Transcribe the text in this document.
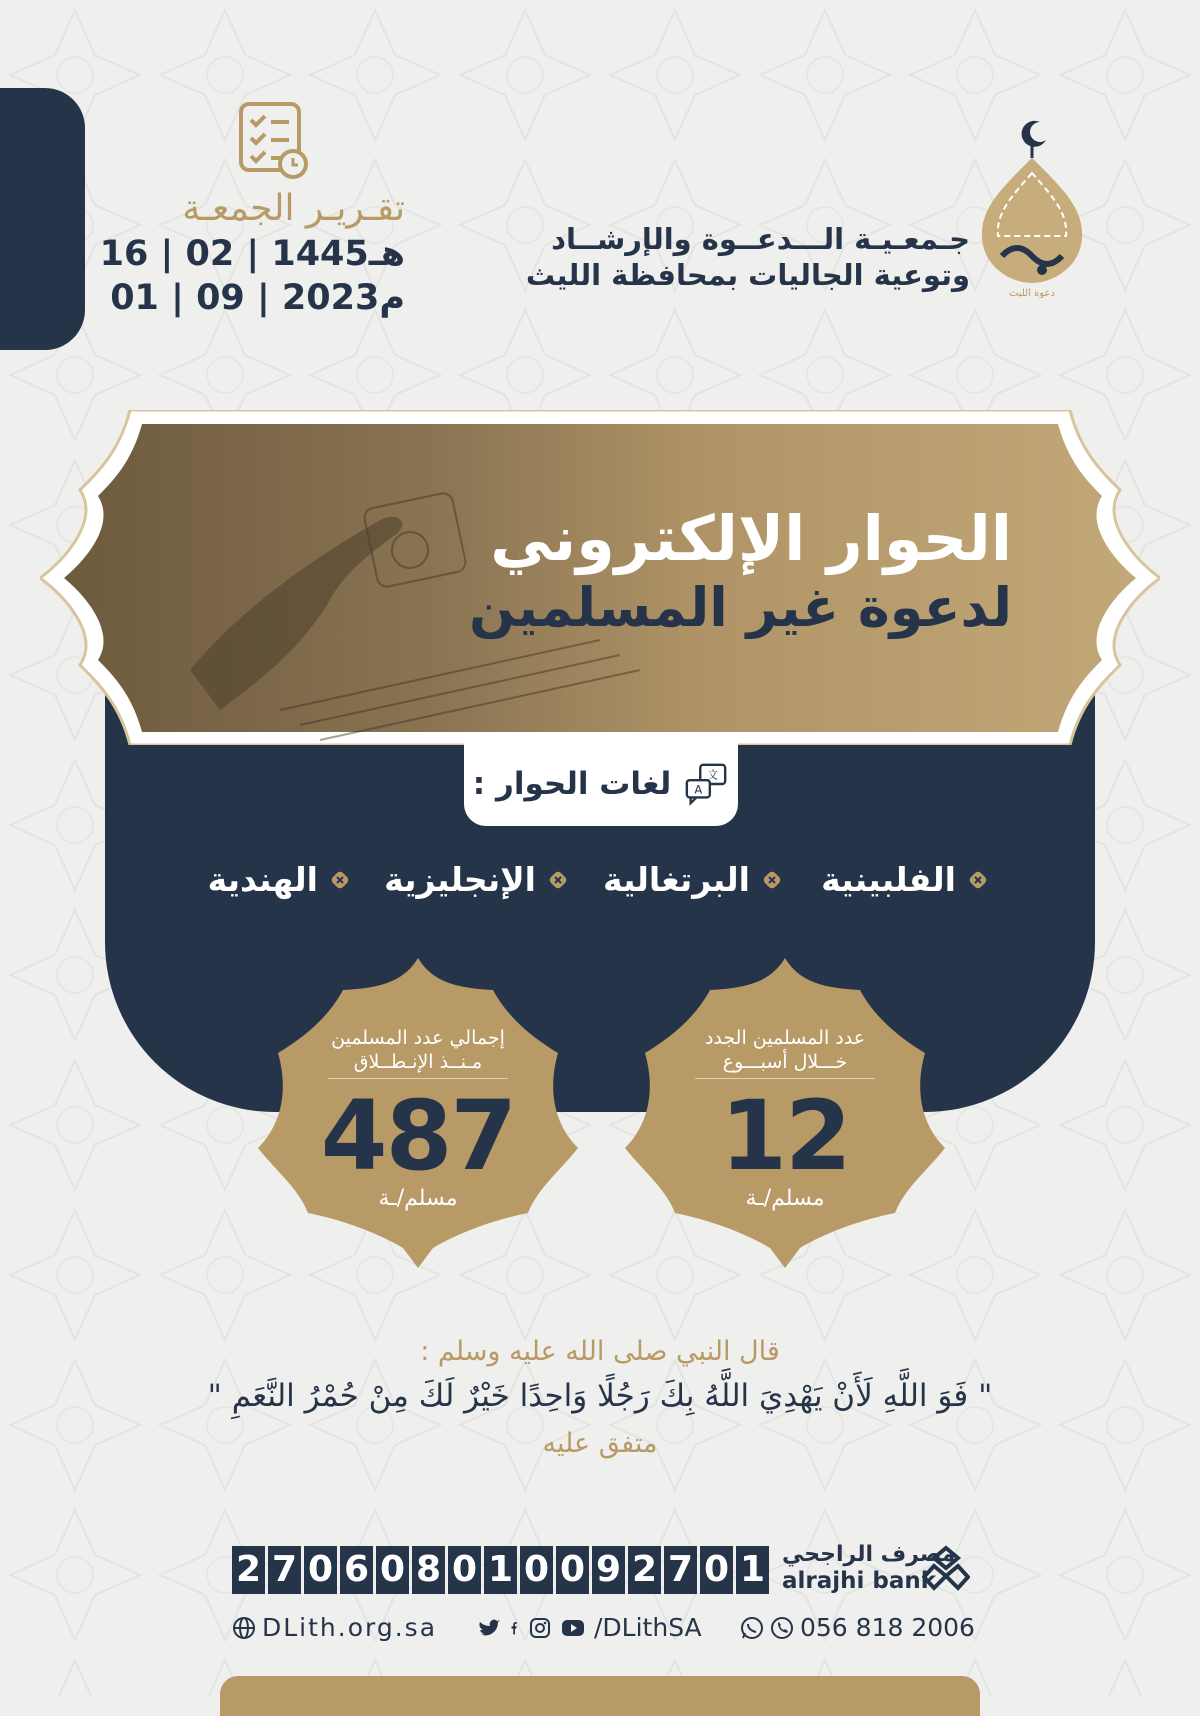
تقـريـر الجمعـة
16 | 02 | 1445هـ
01 | 09 | 2023م	دعوة الليث
جـمعـيـة الـــدعــوة والإرشــاد
وتوعية الجاليات بمحافظة الليث
الحوار الإلكتروني
لدعوة غير المسلمين
A
文
لغات الحوار :
الفلبينية
البرتغالية
الإنجليزية
الهندية
عدد المسلمين الجدد
خـــلال أسبـــوع
12
مسلم/ـة
إجمالي عدد المسلمين
مـنــذ الإنـطــلاق
487
مسلم/ـة
قال النبي صلى الله عليه وسلم :
" فَوَ اللَّهِ لَأَنْ يَهْدِيَ اللَّهُ بِكَ رَجُلًا وَاحِدًا خَيْرٌ لَكَ مِنْ حُمْرُ النَّعَمِ "
متفق عليه
2 7 0 6 0 8 0 1 0 0 9 2 7 0 1 مصرف الراجحي
alrajhi bank
056 818 2006
/DLithSA
DLith.org.sa
